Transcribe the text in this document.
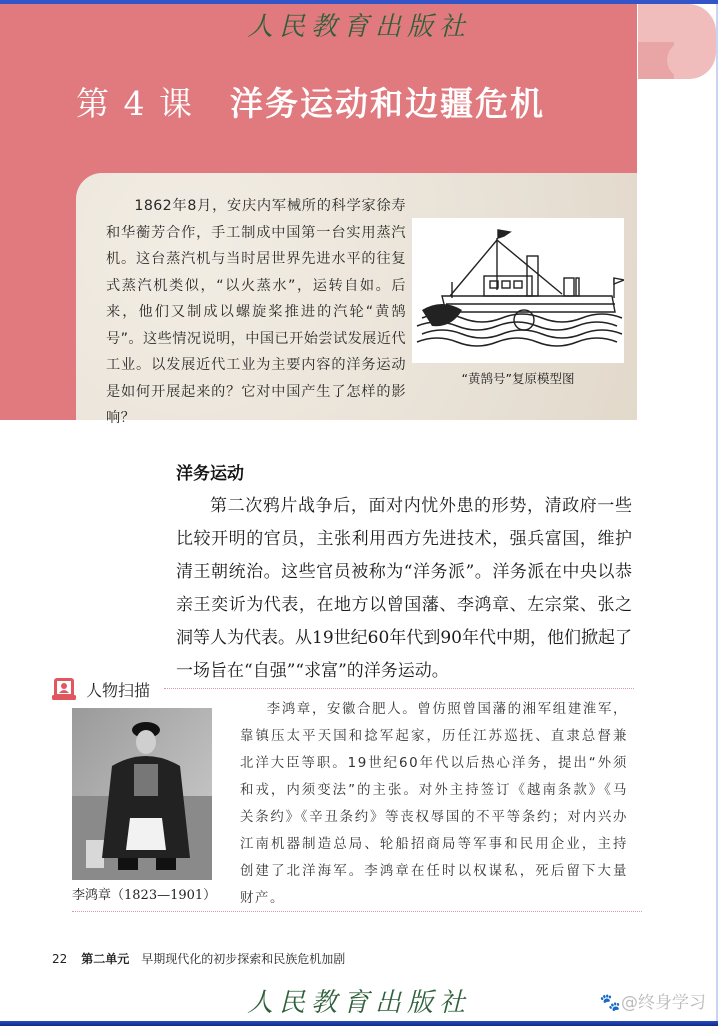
人民教育出版社
第 4 课 洋务运动和边疆危机

1862年8月，安庆内军械所的科学家徐寿和华蘅芳合作，手工制成中国第一台实用蒸汽机。这台蒸汽机与当时居世界先进水平的往复式蒸汽机类似，“以火蒸水”，运转自如。后来，他们又制成以螺旋桨推进的汽轮“黄鹄号”。这些情况说明，中国已开始尝试发展近代工业。以发展近代工业为主要内容的洋务运动是如何开展起来的？它对中国产生了怎样的影响？

“黄鹄号”复原模型图
洋务运动

第二次鸦片战争后，面对内忧外患的形势，清政府一些比较开明的官员，主张利用西方先进技术，强兵富国，维护清王朝统治。这些官员被称为“洋务派”。洋务派在中央以恭亲王奕䜣为代表，在地方以曾国藩、李鸿章、左宗棠、张之洞等人为代表。从19世纪60年代到90年代中期，他们掀起了一场旨在“自强”“求富”的洋务运动。

人物扫描
李鸿章（1823—1901）

李鸿章，安徽合肥人。曾仿照曾国藩的湘军组建淮军，靠镇压太平天国和捻军起家，历任江苏巡抚、直隶总督兼北洋大臣等职。19世纪60年代以后热心洋务，提出“外须和戎，内须变法”的主张。对外主持签订《越南条款》《马关条约》《辛丑条约》等丧权辱国的不平等条约；对内兴办江南机器制造总局、轮船招商局等军事和民用企业，主持创建了北洋海军。李鸿章在任时以权谋私，死后留下大量财产。

22 第二单元 早期现代化的初步探索和民族危机加剧
人民教育出版社	🐾@终身学习
